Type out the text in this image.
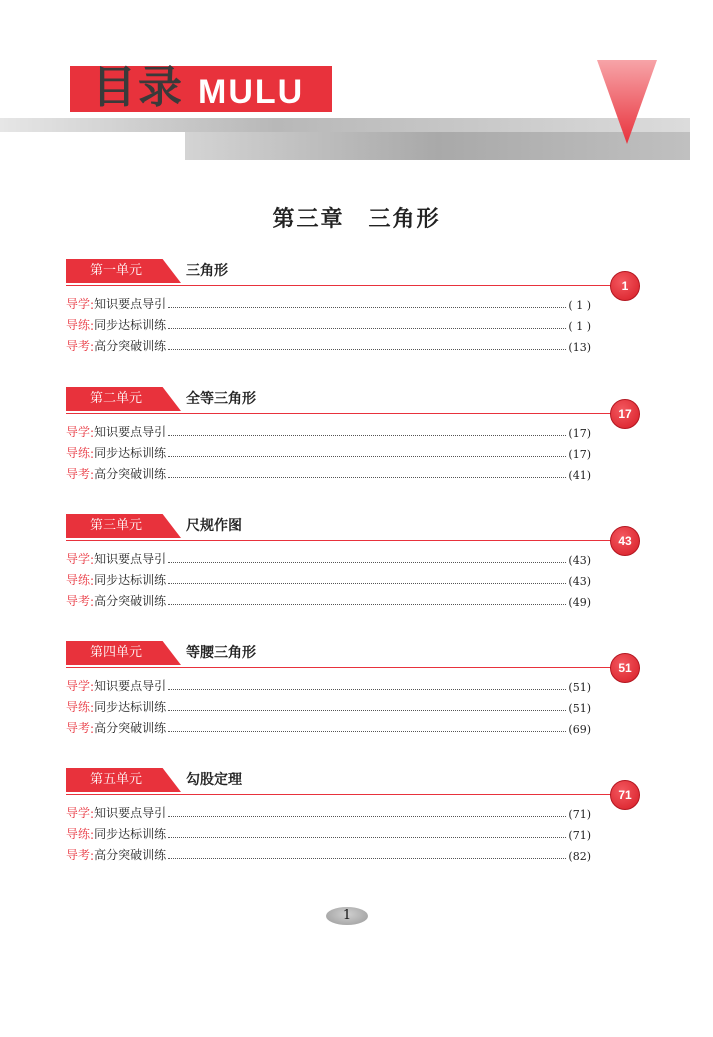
目录 MULU
第三章　三角形
第一单元	三角形
1
导学 : 知识要点导引	( 1 )
导练 : 同步达标训练	( 1 )
导考 : 高分突破训练	(13)
第二单元	全等三角形
17
导学 : 知识要点导引	(17)
导练 : 同步达标训练	(17)
导考 : 高分突破训练	(41)
第三单元	尺规作图
43
导学 : 知识要点导引	(43)
导练 : 同步达标训练	(43)
导考 : 高分突破训练	(49)
第四单元	等腰三角形
51
导学 : 知识要点导引	(51)
导练 : 同步达标训练	(51)
导考 : 高分突破训练	(69)
第五单元	勾股定理
71
导学 : 知识要点导引	(71)
导练 : 同步达标训练	(71)
导考 : 高分突破训练	(82)
1
